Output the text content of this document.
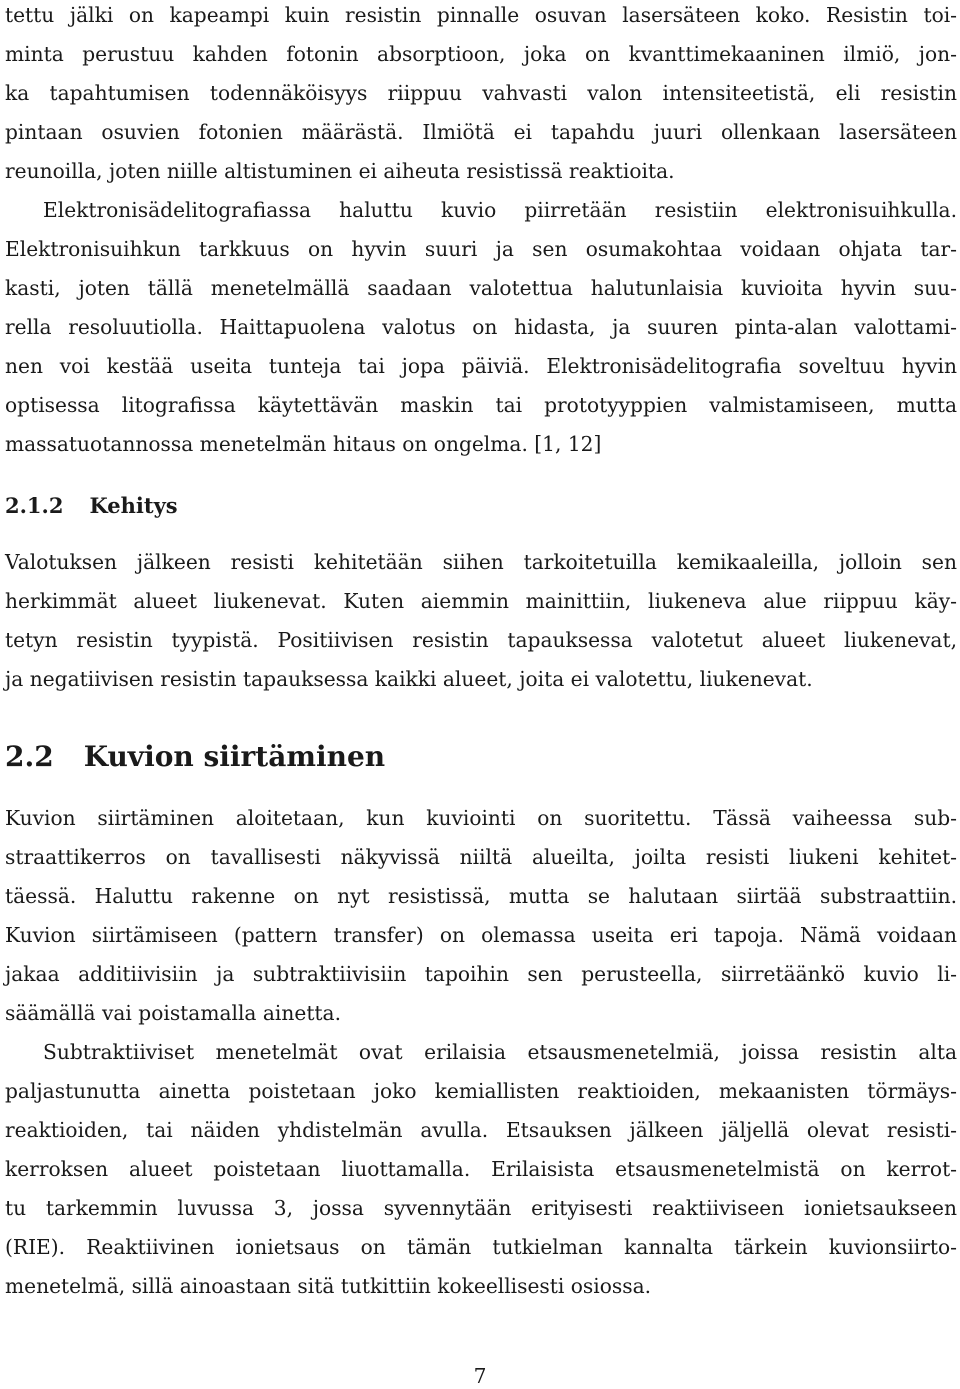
tettu jälki on kapeampi kuin resistin pinnalle osuvan lasersäteen koko. Resistin toi-
minta perustuu kahden fotonin absorptioon, joka on kvanttimekaaninen ilmiö, jon-
ka tapahtumisen todennäköisyys riippuu vahvasti valon intensiteetistä, eli resistin
pintaan osuvien fotonien määrästä. Ilmiötä ei tapahdu juuri ollenkaan lasersäteen
reunoilla, joten niille altistuminen ei aiheuta resistissä reaktioita.
Elektronisädelitografiassa haluttu kuvio piirretään resistiin elektronisuihkulla.
Elektronisuihkun tarkkuus on hyvin suuri ja sen osumakohtaa voidaan ohjata tar-
kasti, joten tällä menetelmällä saadaan valotettua halutunlaisia kuvioita hyvin suu-
rella resoluutiolla. Haittapuolena valotus on hidasta, ja suuren pinta-alan valottami-
nen voi kestää useita tunteja tai jopa päiviä. Elektronisädelitografia soveltuu hyvin
optisessa litografissa käytettävän maskin tai prototyyppien valmistamiseen, mutta
massatuotannossa menetelmän hitaus on ongelma. [1, 12]
2.1.2 Kehitys
Valotuksen jälkeen resisti kehitetään siihen tarkoitetuilla kemikaaleilla, jolloin sen
herkimmät alueet liukenevat. Kuten aiemmin mainittiin, liukeneva alue riippuu käy-
tetyn resistin tyypistä. Positiivisen resistin tapauksessa valotetut alueet liukenevat,
ja negatiivisen resistin tapauksessa kaikki alueet, joita ei valotettu, liukenevat.
2.2 Kuvion siirtäminen
Kuvion siirtäminen aloitetaan, kun kuviointi on suoritettu. Tässä vaiheessa sub-
straattikerros on tavallisesti näkyvissä niiltä alueilta, joilta resisti liukeni kehitet-
täessä. Haluttu rakenne on nyt resistissä, mutta se halutaan siirtää substraattiin.
Kuvion siirtämiseen (pattern transfer) on olemassa useita eri tapoja. Nämä voidaan
jakaa additiivisiin ja subtraktiivisiin tapoihin sen perusteella, siirretäänkö kuvio li-
säämällä vai poistamalla ainetta.
Subtraktiiviset menetelmät ovat erilaisia etsausmenetelmiä, joissa resistin alta
paljastunutta ainetta poistetaan joko kemiallisten reaktioiden, mekaanisten törmäys-
reaktioiden, tai näiden yhdistelmän avulla. Etsauksen jälkeen jäljellä olevat resisti-
kerroksen alueet poistetaan liuottamalla. Erilaisista etsausmenetelmistä on kerrot-
tu tarkemmin luvussa 3, jossa syvennytään erityisesti reaktiiviseen ionietsaukseen
(RIE). Reaktiivinen ionietsaus on tämän tutkielman kannalta tärkein kuvionsiirto-
menetelmä, sillä ainoastaan sitä tutkittiin kokeellisesti osiossa.
7
